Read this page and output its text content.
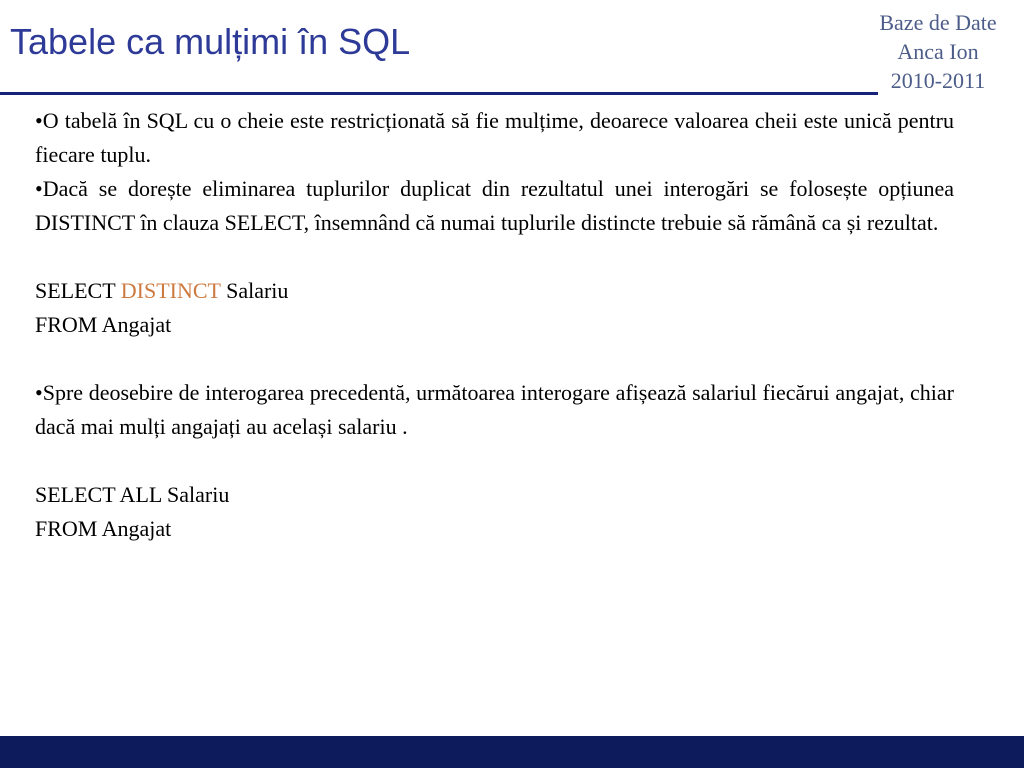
Tabele ca mulțimi în SQL	Baze de Date
Anca Ion
2010-2011

•O tabelă în SQL cu o cheie este restricționată să fie mulțime, deoarece valoarea cheii este unică pentru fiecare tuplu.

•Dacă se dorește eliminarea tuplurilor duplicat din rezultatul unei interogări se folosește opțiunea DISTINCT în clauza SELECT, însemnând că numai tuplurile distincte trebuie să rămână ca și rezultat.

SELECT DISTINCT Salariu

FROM Angajat

•Spre deosebire de interogarea precedentă, următoarea interogare afișează salariul fiecărui angajat, chiar dacă mai mulți angajați au același salariu .

SELECT ALL Salariu

FROM Angajat
